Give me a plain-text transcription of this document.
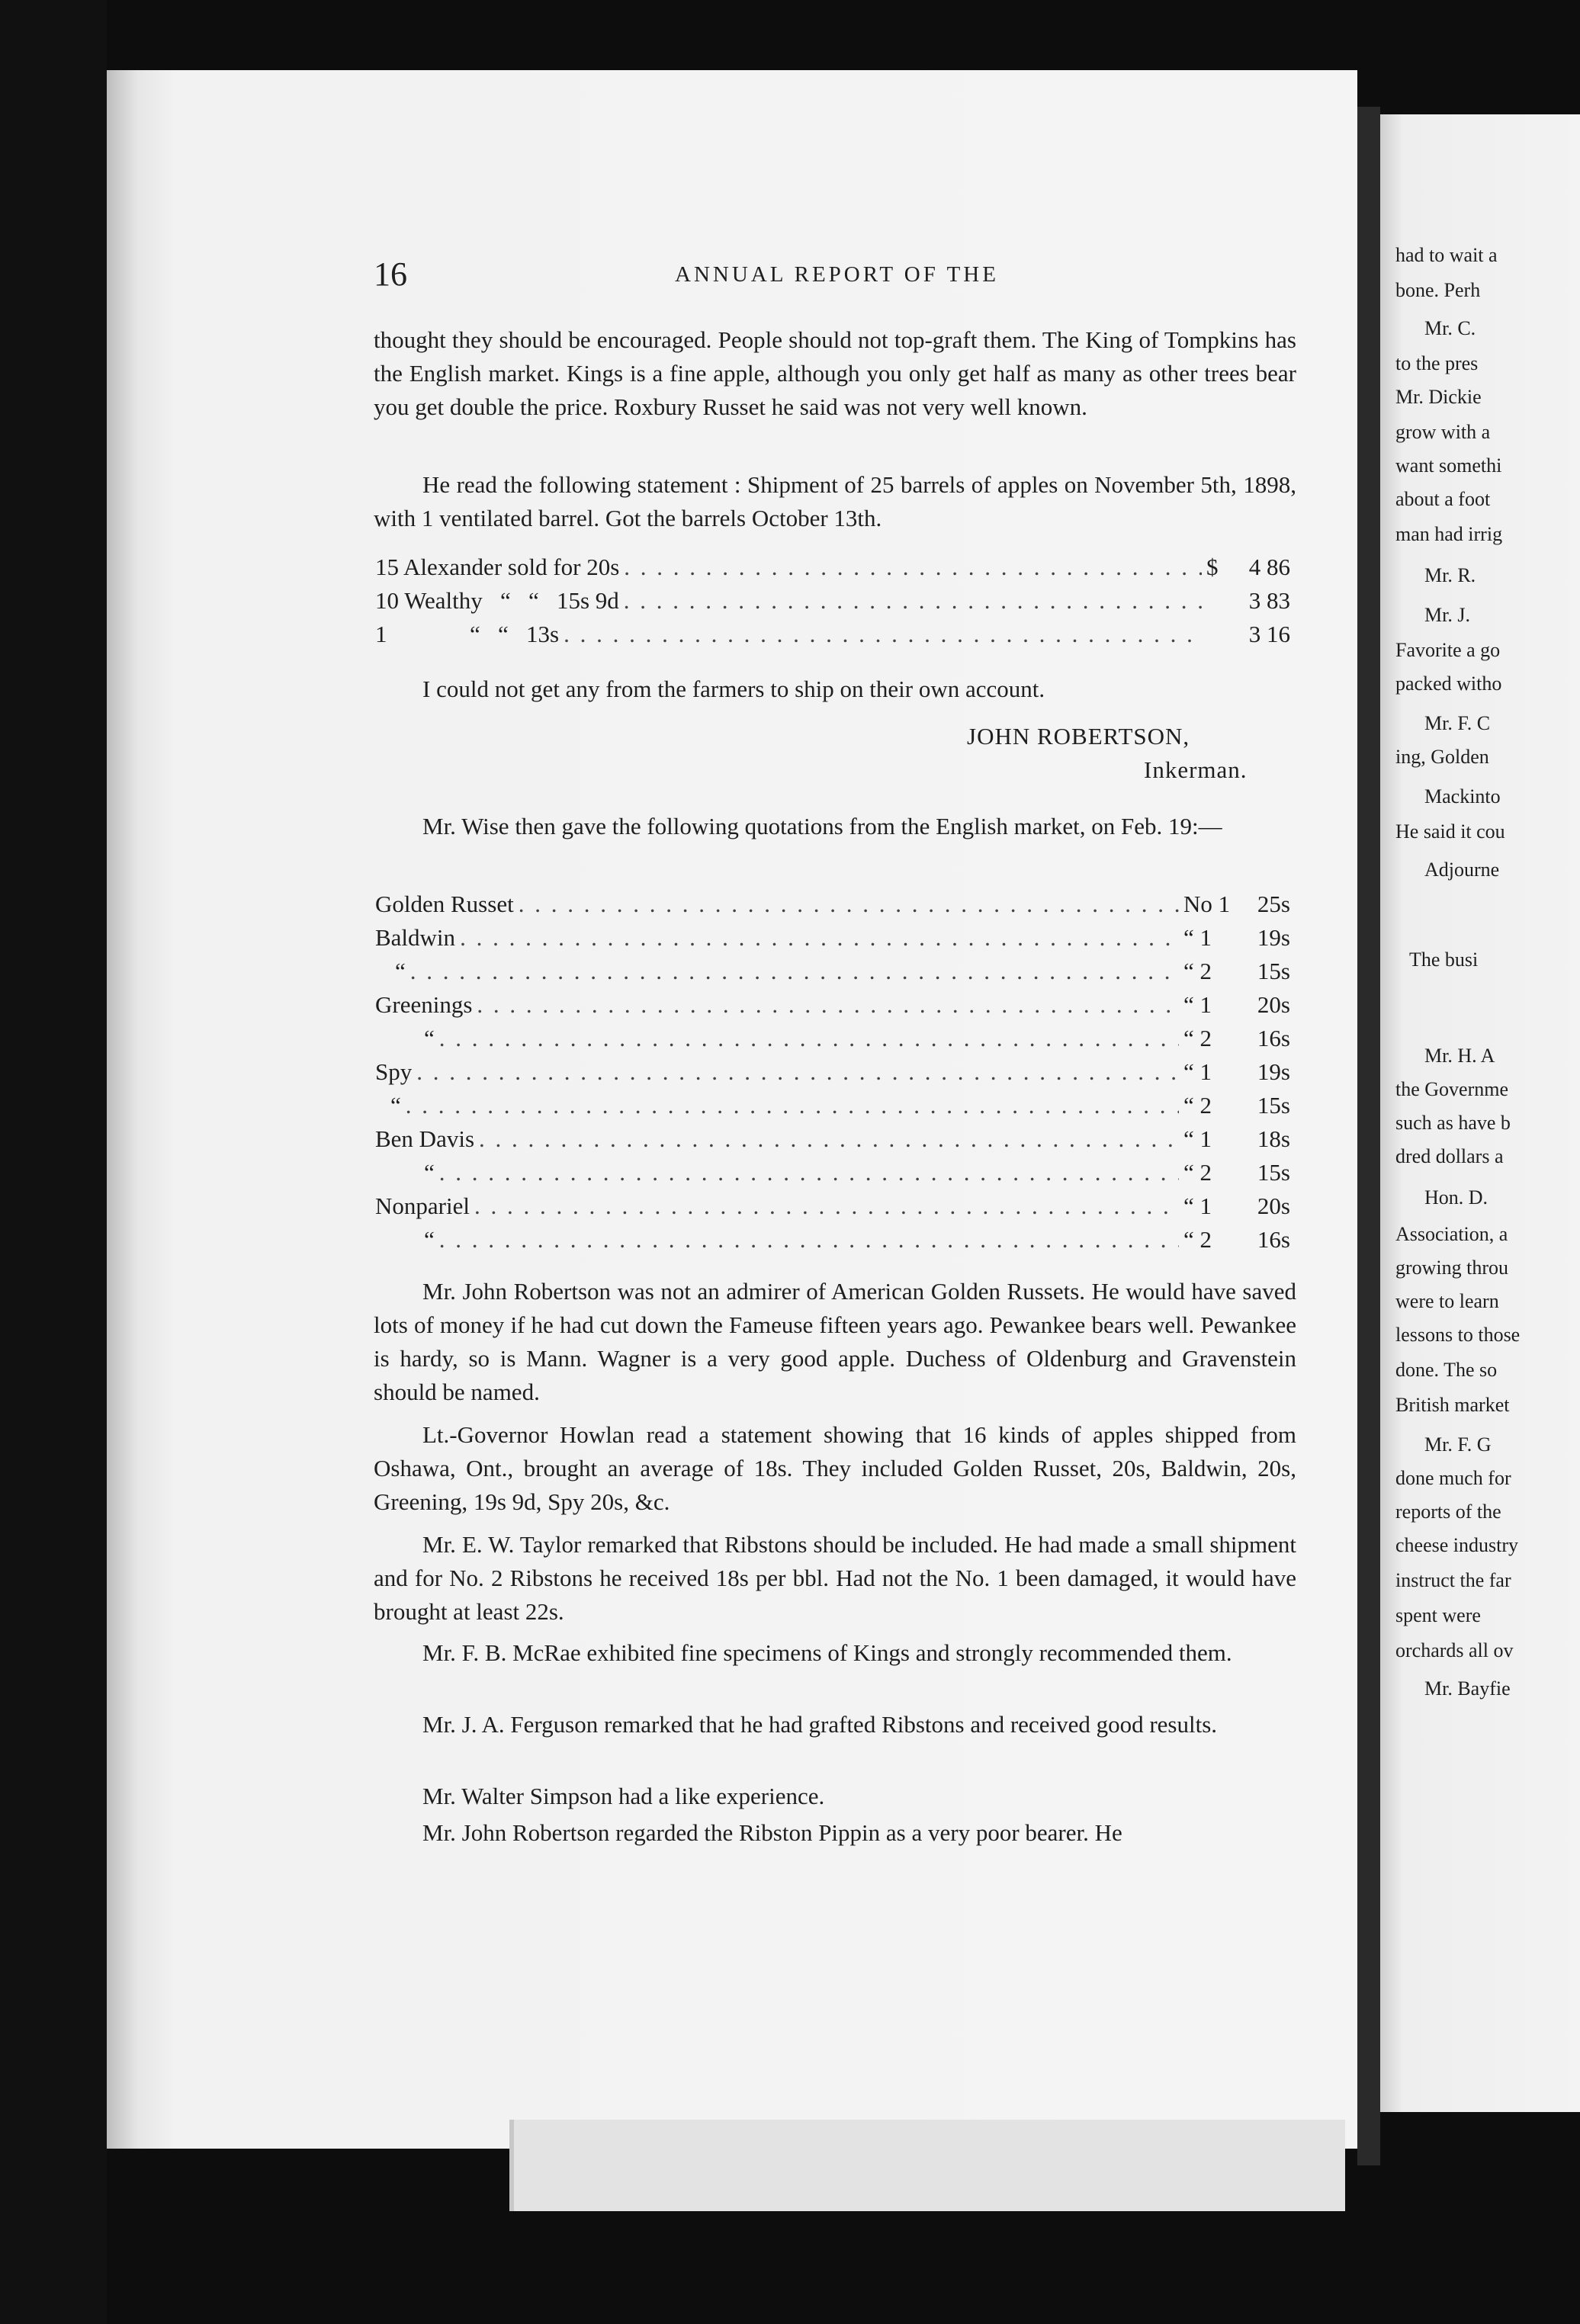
16	ANNUAL REPORT OF THE
thought they should be encouraged. People should not top-graft them. The King of Tompkins has the English market. Kings is a fine apple, although you only get half as many as other trees bear you get double the price. Roxbury Russet he said was not very well known.
He read the following statement : Shipment of 25 barrels of apples on November 5th, 1898, with 1 ventilated barrel. Got the barrels October 13th.
15 Alexander sold for 20s . . .	$	4 86
10 Wealthy   “   “   15s 9d . . .	3 83
1              “   “   13s . . .	3 16
I could not get any from the farmers to ship on their own account.
JOHN ROBERTSON,
Inkerman.
Mr. Wise then gave the following quotations from the English market, on Feb. 19:—
Golden Russet . . .	No 1	25s
Baldwin . . .	“ 1	19s
“ . . .	“ 2	15s
Greenings . . .	“ 1	20s
“ . . .	“ 2	16s
Spy . . .	“ 1	19s
“ . . .	“ 2	15s
Ben Davis . . .	“ 1	18s
“ . . .	“ 2	15s
Nonpariel . . .	“ 1	20s
“ . . .	“ 2	16s
Mr. John Robertson was not an admirer of American Golden Russets. He would have saved lots of money if he had cut down the Fameuse fifteen years ago. Pewankee bears well. Pewankee is hardy, so is Mann. Wagner is a very good apple. Duchess of Oldenburg and Gravenstein should be named.
Lt.-Governor Howlan read a statement showing that 16 kinds of apples shipped from Oshawa, Ont., brought an average of 18s. They included Golden Russet, 20s, Baldwin, 20s, Greening, 19s 9d, Spy 20s, &c.
Mr. E. W. Taylor remarked that Ribstons should be included. He had made a small shipment and for No. 2 Ribstons he received 18s per bbl. Had not the No. 1 been damaged, it would have brought at least 22s.
Mr. F. B. McRae exhibited fine specimens of Kings and strongly recommended them.
Mr. J. A. Ferguson remarked that he had grafted Ribstons and received good results.
Mr. Walter Simpson had a like experience.
Mr. John Robertson regarded the Ribston Pippin as a very poor bearer. He
had to wait a
bone. Perh
Mr. C.
to the pres
Mr. Dickie
grow with a
want somethi
about a foot
man had irrig
Mr. R.
Mr. J.
Favorite a go
packed witho
Mr. F. C
ing, Golden
Mackinto
He said it cou
Adjourne
The busi
Mr. H. A
the Governme
such as have b
dred dollars a
Hon. D.
Association, a
growing throu
were to learn
lessons to those
done. The so
British market
Mr. F. G
done much for
reports of the
cheese industry
instruct the far
spent were
orchards all ov
Mr. Bayfie
